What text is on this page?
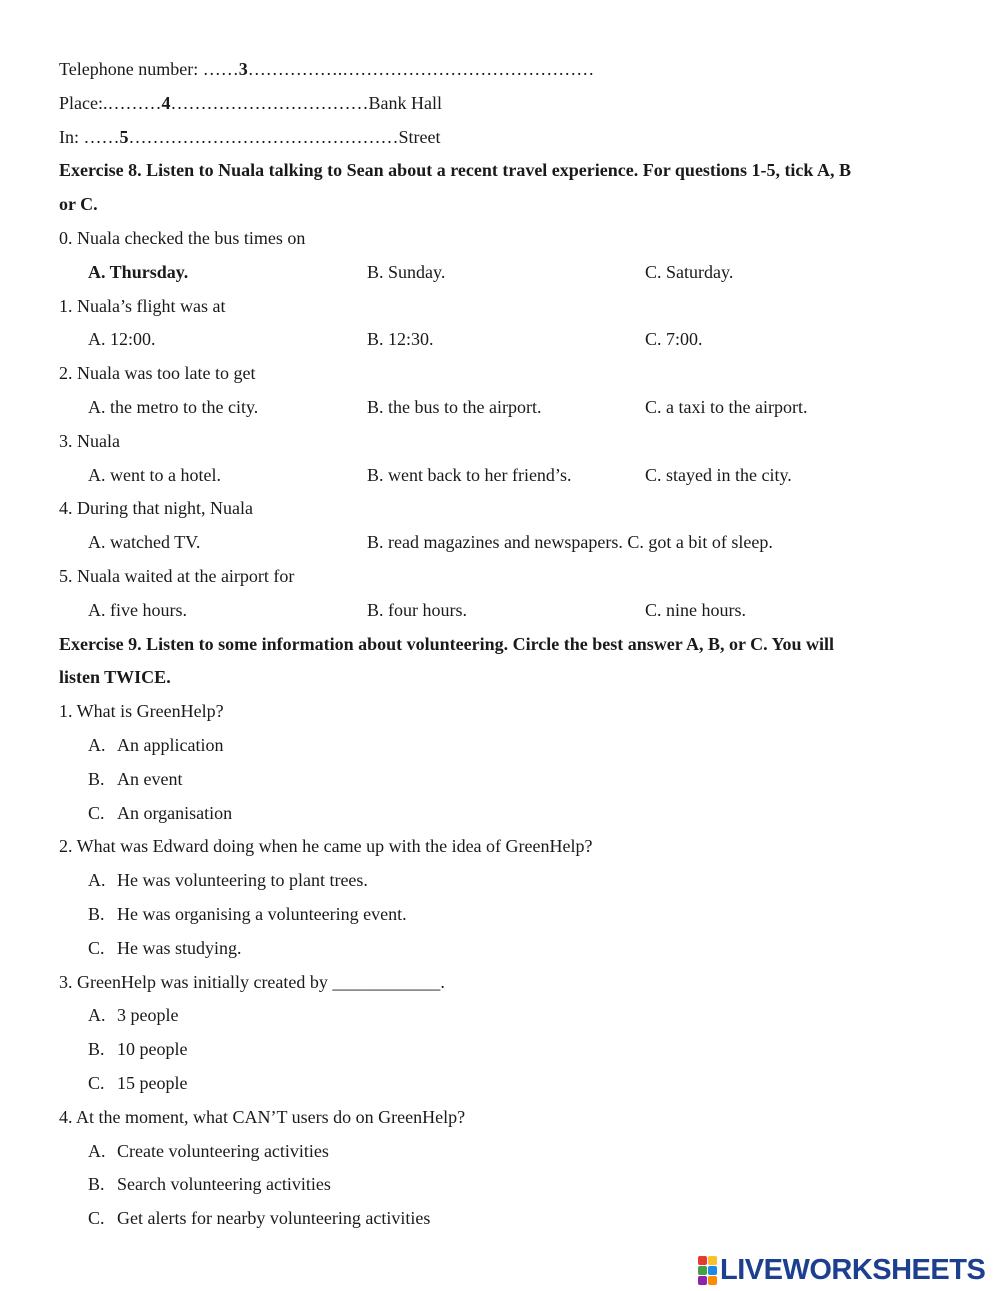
Telephone number: ……3…………….……………………………………
Place:.………4……………………………Bank Hall
In: ……5………………………………………Street
Exercise 8. Listen to Nuala talking to Sean about a recent travel experience. For questions 1-5, tick A, B
or C.
0. Nuala checked the bus times on
A. Thursday.	B. Sunday.	C. Saturday.
1. Nuala’s flight was at
A. 12:00.	B. 12:30.	C. 7:00.
2. Nuala was too late to get
A. the metro to the city.	B. the bus to the airport.	C. a taxi to the airport.
3. Nuala
A. went to a hotel.	B. went back to her friend’s.	C. stayed in the city.
4. During that night, Nuala
A. watched TV.	B. read magazines and newspapers. C. got a bit of sleep.
5. Nuala waited at the airport for
A. five hours.	B. four hours.	C. nine hours.
Exercise 9. Listen to some information about volunteering. Circle the best answer A, B, or C. You will
listen TWICE.
1. What is GreenHelp?
A. An application
B. An event
C. An organisation
2. What was Edward doing when he came up with the idea of GreenHelp?
A. He was volunteering to plant trees.
B. He was organising a volunteering event.
C. He was studying.
3. GreenHelp was initially created by ____________.
A. 3 people
B. 10 people
C. 15 people
4. At the moment, what CAN’T users do on GreenHelp?
A. Create volunteering activities
B. Search volunteering activities
C. Get alerts for nearby volunteering activities
LIVEWORKSHEETS
